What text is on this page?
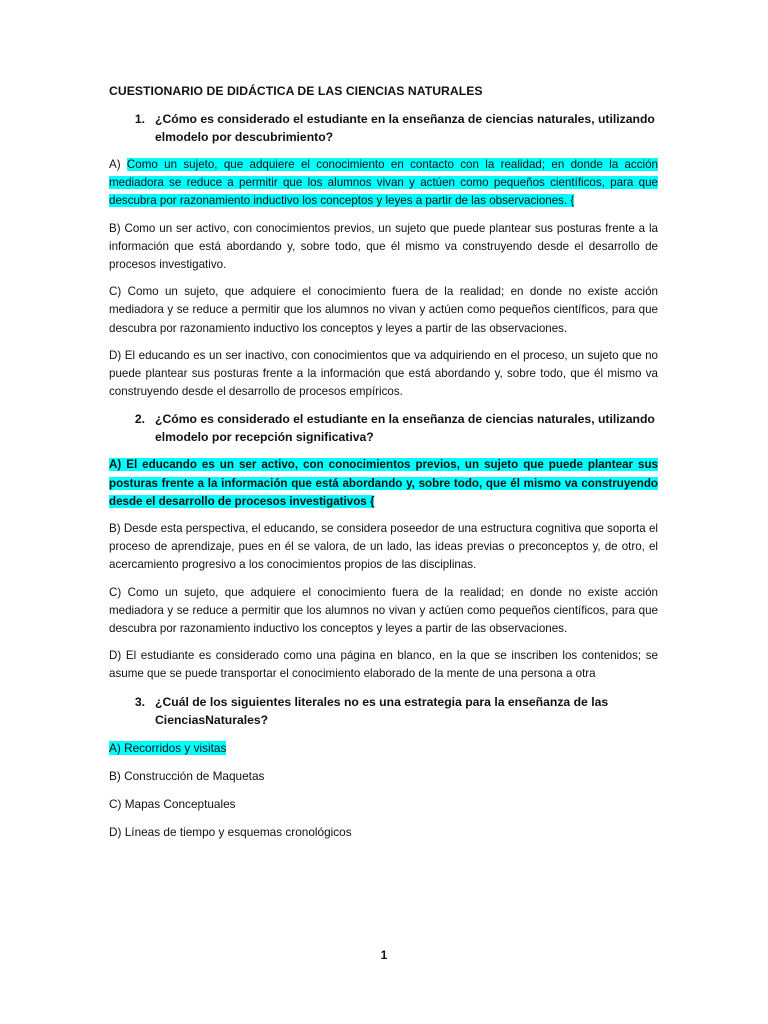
CUESTIONARIO DE DIDÁCTICA DE LAS CIENCIAS NATURALES
1. ¿Cómo es considerado el estudiante en la enseñanza de ciencias naturales, utilizando elmodelo por descubrimiento?
A) Como un sujeto, que adquiere el conocimiento en contacto con la realidad; en donde la acción mediadora se reduce a permitir que los alumnos vivan y actúen como pequeños científicos, para que descubra por razonamiento inductivo los conceptos y leyes a partir de las observaciones. {
B) Como un ser activo, con conocimientos previos, un sujeto que puede plantear sus posturas frente a la información que está abordando y, sobre todo, que él mismo va construyendo desde el desarrollo de procesos investigativo.
C) Como un sujeto, que adquiere el conocimiento fuera de la realidad; en donde no existe acción mediadora y se reduce a permitir que los alumnos no vivan y actúen como pequeños científicos, para que descubra por razonamiento inductivo los conceptos y leyes a partir de las observaciones.
D) El educando es un ser inactivo, con conocimientos que va adquiriendo en el proceso, un sujeto que no puede plantear sus posturas frente a la información que está abordando y, sobre todo, que él mismo va construyendo desde el desarrollo de procesos empíricos.
2. ¿Cómo es considerado el estudiante en la enseñanza de ciencias naturales, utilizando elmodelo por recepción significativa?
A) El educando es un ser activo, con conocimientos previos, un sujeto que puede plantear sus posturas frente a la información que está abordando y, sobre todo, que él mismo va construyendo desde el desarrollo de procesos investigativos {
B) Desde esta perspectiva, el educando, se considera poseedor de una estructura cognitiva que soporta el proceso de aprendizaje, pues en él se valora, de un lado, las ideas previas o preconceptos y, de otro, el acercamiento progresivo a los conocimientos propios de las disciplinas.
C) Como un sujeto, que adquiere el conocimiento fuera de la realidad; en donde no existe acción mediadora y se reduce a permitir que los alumnos no vivan y actúen como pequeños científicos, para que descubra por razonamiento inductivo los conceptos y leyes a partir de las observaciones.
D) El estudiante es considerado como una página en blanco, en la que se inscriben los contenidos; se asume que se puede transportar el conocimiento elaborado de la mente de una persona a otra
3. ¿Cuál de los siguientes literales no es una estrategia para la enseñanza de las CienciasNaturales?
A) Recorridos y visitas
B) Construcción de Maquetas
C) Mapas Conceptuales
D) Líneas de tiempo y esquemas cronológicos
1
